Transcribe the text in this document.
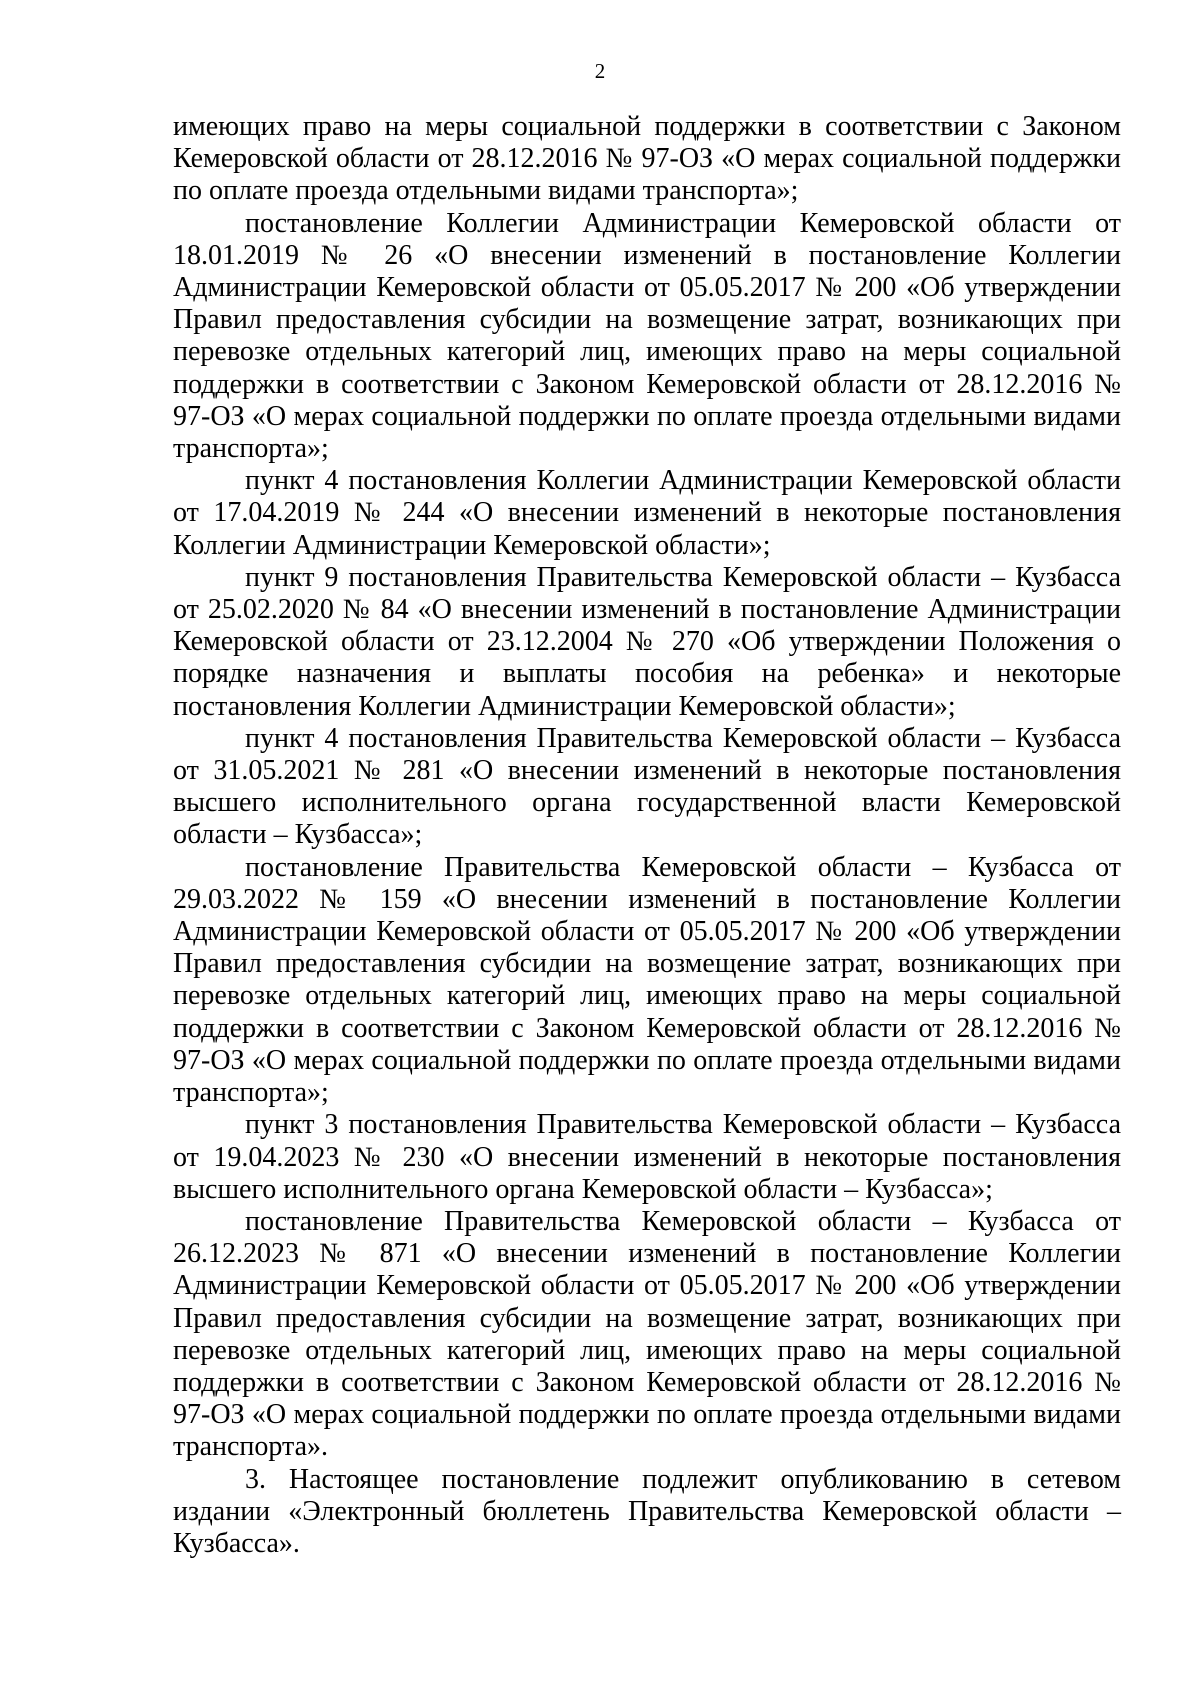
2

имеющих право на меры социальной поддержки в соответствии с Законом Кемеровской области от 28.12.2016 № 97-ОЗ «О мерах социальной поддержки по оплате проезда отдельными видами транспорта»;

постановление Коллегии Администрации Кемеровской области от 18.01.2019 № 26 «О внесении изменений в постановление Коллегии Администрации Кемеровской области от 05.05.2017 № 200 «Об утверждении Правил предоставления субсидии на возмещение затрат, возникающих при перевозке отдельных категорий лиц, имеющих право на меры социальной поддержки в соответствии с Законом Кемеровской области от 28.12.2016 № 97-ОЗ «О мерах социальной поддержки по оплате проезда отдельными видами транспорта»;

пункт 4 постановления Коллегии Администрации Кемеровской области от 17.04.2019 № 244 «О внесении изменений в некоторые постановления Коллегии Администрации Кемеровской области»;

пункт 9 постановления Правительства Кемеровской области – Кузбасса от 25.02.2020 № 84 «О внесении изменений в постановление Администрации Кемеровской области от 23.12.2004 № 270 «Об утверждении Положения о порядке назначения и выплаты пособия на ребенка» и некоторые постановления Коллегии Администрации Кемеровской области»;

пункт 4 постановления Правительства Кемеровской области – Кузбасса от 31.05.2021 № 281 «О внесении изменений в некоторые постановления высшего исполнительного органа государственной власти Кемеровской области – Кузбасса»;

постановление Правительства Кемеровской области – Кузбасса от 29.03.2022 № 159 «О внесении изменений в постановление Коллегии Администрации Кемеровской области от 05.05.2017 № 200 «Об утверждении Правил предоставления субсидии на возмещение затрат, возникающих при перевозке отдельных категорий лиц, имеющих право на меры социальной поддержки в соответствии с Законом Кемеровской области от 28.12.2016 № 97-ОЗ «О мерах социальной поддержки по оплате проезда отдельными видами транспорта»;

пункт 3 постановления Правительства Кемеровской области – Кузбасса от 19.04.2023 № 230 «О внесении изменений в некоторые постановления высшего исполнительного органа Кемеровской области – Кузбасса»;

постановление Правительства Кемеровской области – Кузбасса от 26.12.2023 № 871 «О внесении изменений в постановление Коллегии Администрации Кемеровской области от 05.05.2017 № 200 «Об утверждении Правил предоставления субсидии на возмещение затрат, возникающих при перевозке отдельных категорий лиц, имеющих право на меры социальной поддержки в соответствии с Законом Кемеровской области от 28.12.2016 № 97-ОЗ «О мерах социальной поддержки по оплате проезда отдельными видами транспорта».

3. Настоящее постановление подлежит опубликованию в сетевом издании «Электронный бюллетень Правительства Кемеровской области – Кузбасса».
